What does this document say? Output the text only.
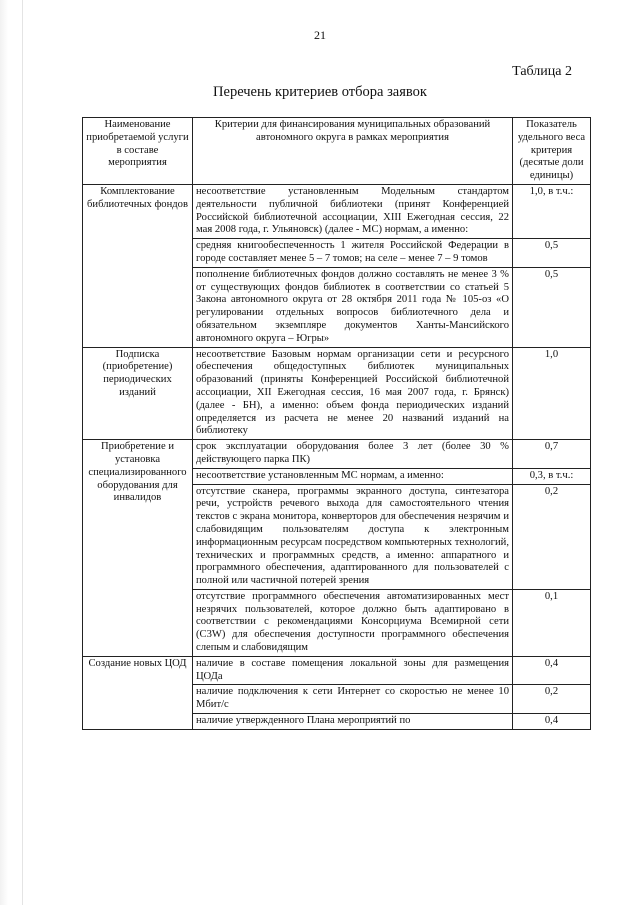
21
Таблица 2
Перечень критериев отбора заявок
Наименование приобретаемой услуги в составе мероприятия	Критерии для финансирования муниципальных образований автономного округа в рамках мероприятия	Показатель удельного веса критерия (десятые доли единицы)
Комплектование библиотечных фондов	несоответствие установленным Модельным стандартом деятельности публичной библиотеки (принят Конференцией Российской библиотечной ассоциации, XIII Ежегодная сессия, 22 мая 2008 года, г. Ульяновск) (далее - МС) нормам, а именно:	1,0, в т.ч.:
	средняя книгообеспеченность 1 жителя Российской Федерации в городе составляет менее 5 – 7 томов; на селе – менее 7 – 9 томов	0,5
	пополнение библиотечных фондов должно составлять не менее 3 % от существующих фондов библиотек в соответствии со статьей 5 Закона автономного округа от 28 октября 2011 года № 105-оз «О регулировании отдельных вопросов библиотечного дела и обязательном экземпляре документов Ханты-Мансийского автономного округа – Югры»	0,5
Подписка (приобретение) периодических изданий	несоответствие Базовым нормам организации сети и ресурсного обеспечения общедоступных библиотек муниципальных образований (приняты Конференцией Российской библиотечной ассоциации, XII Ежегодная сессия, 16 мая 2007 года, г. Брянск) (далее - БН), а именно: объем фонда периодических изданий определяется из расчета не менее 20 названий изданий на библиотеку	1,0
Приобретение и установка специализированного оборудования для инвалидов	срок эксплуатации оборудования более 3 лет (более 30 % действующего парка ПК)	0,7
	несоответствие установленным МС нормам, а именно:	0,3, в т.ч.:
	отсутствие сканера, программы экранного доступа, синтезатора речи, устройств речевого выхода для самостоятельного чтения текстов с экрана монитора, конверторов для обеспечения незрячим и слабовидящим пользователям доступа к электронным информационным ресурсам посредством компьютерных технологий, технических и программных средств, а именно: аппаратного и программного обеспечения, адаптированного для пользователей с полной или частичной потерей зрения	0,2
	отсутствие программного обеспечения автоматизированных мест незрячих пользователей, которое должно быть адаптировано в соответствии с рекомендациями Консорциума Всемирной сети (C3W) для обеспечения доступности программного обеспечения слепым и слабовидящим	0,1
Создание новых ЦОД	наличие в составе помещения локальной зоны для размещения ЦОДа	0,4
	наличие подключения к сети Интернет со скоростью не менее 10 Мбит/с	0,2
	наличие утвержденного Плана мероприятий по	0,4
